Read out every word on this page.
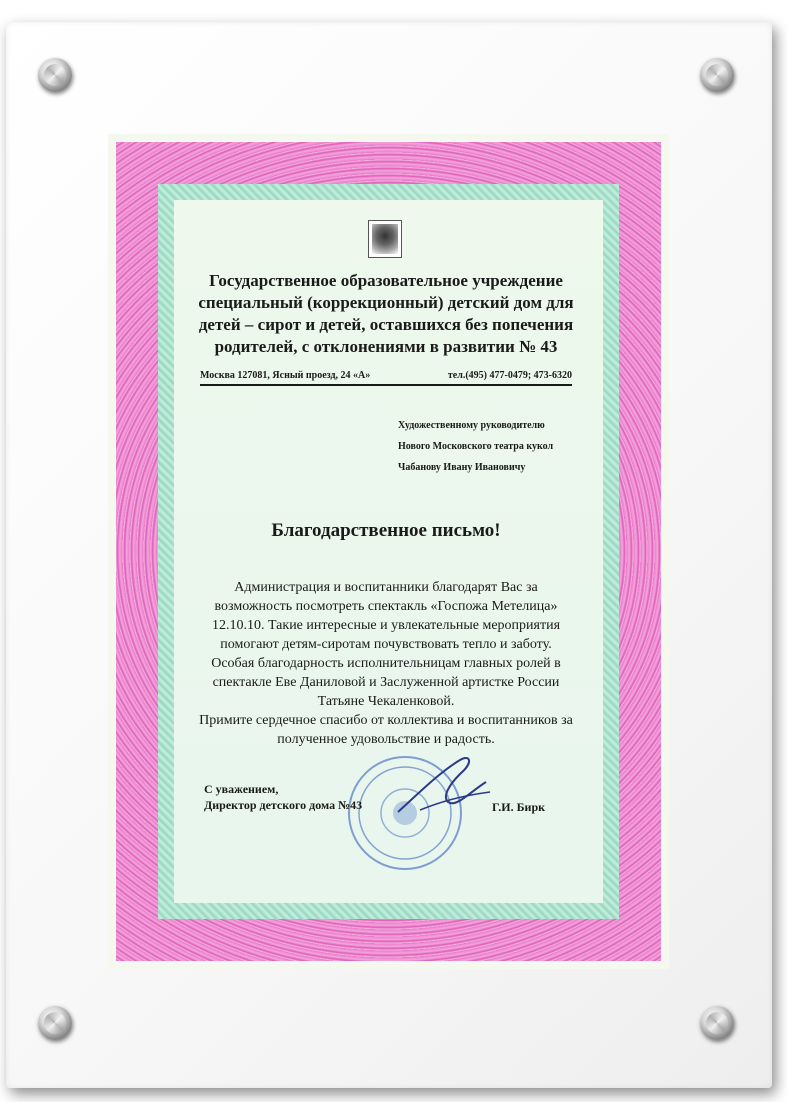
Государственное образовательное учреждение
специальный (коррекционный) детский дом для
детей – сирот и детей, оставшихся без попечения
родителей, с отклонениями в развитии № 43
Москва 127081, Ясный проезд, 24 «А»	тел.(495) 477-0479; 473-6320
Художественному руководителю
Нового Московского театра кукол
Чабанову Ивану Ивановичу
Благодарственное письмо!
Администрация и воспитанники благодарят Вас за
возможность посмотреть спектакль «Госпожа Метелица»
12.10.10. Такие интересные и увлекательные мероприятия
помогают детям-сиротам почувствовать тепло и заботу.
Особая благодарность исполнительницам главных ролей в
спектакле Еве Даниловой и Заслуженной артистке России
Татьяне Чекаленковой.
Примите сердечное спасибо от коллектива и воспитанников за
полученное удовольствие и радость.
С уважением,
Директор детского дома №43	Г.И. Бирк
